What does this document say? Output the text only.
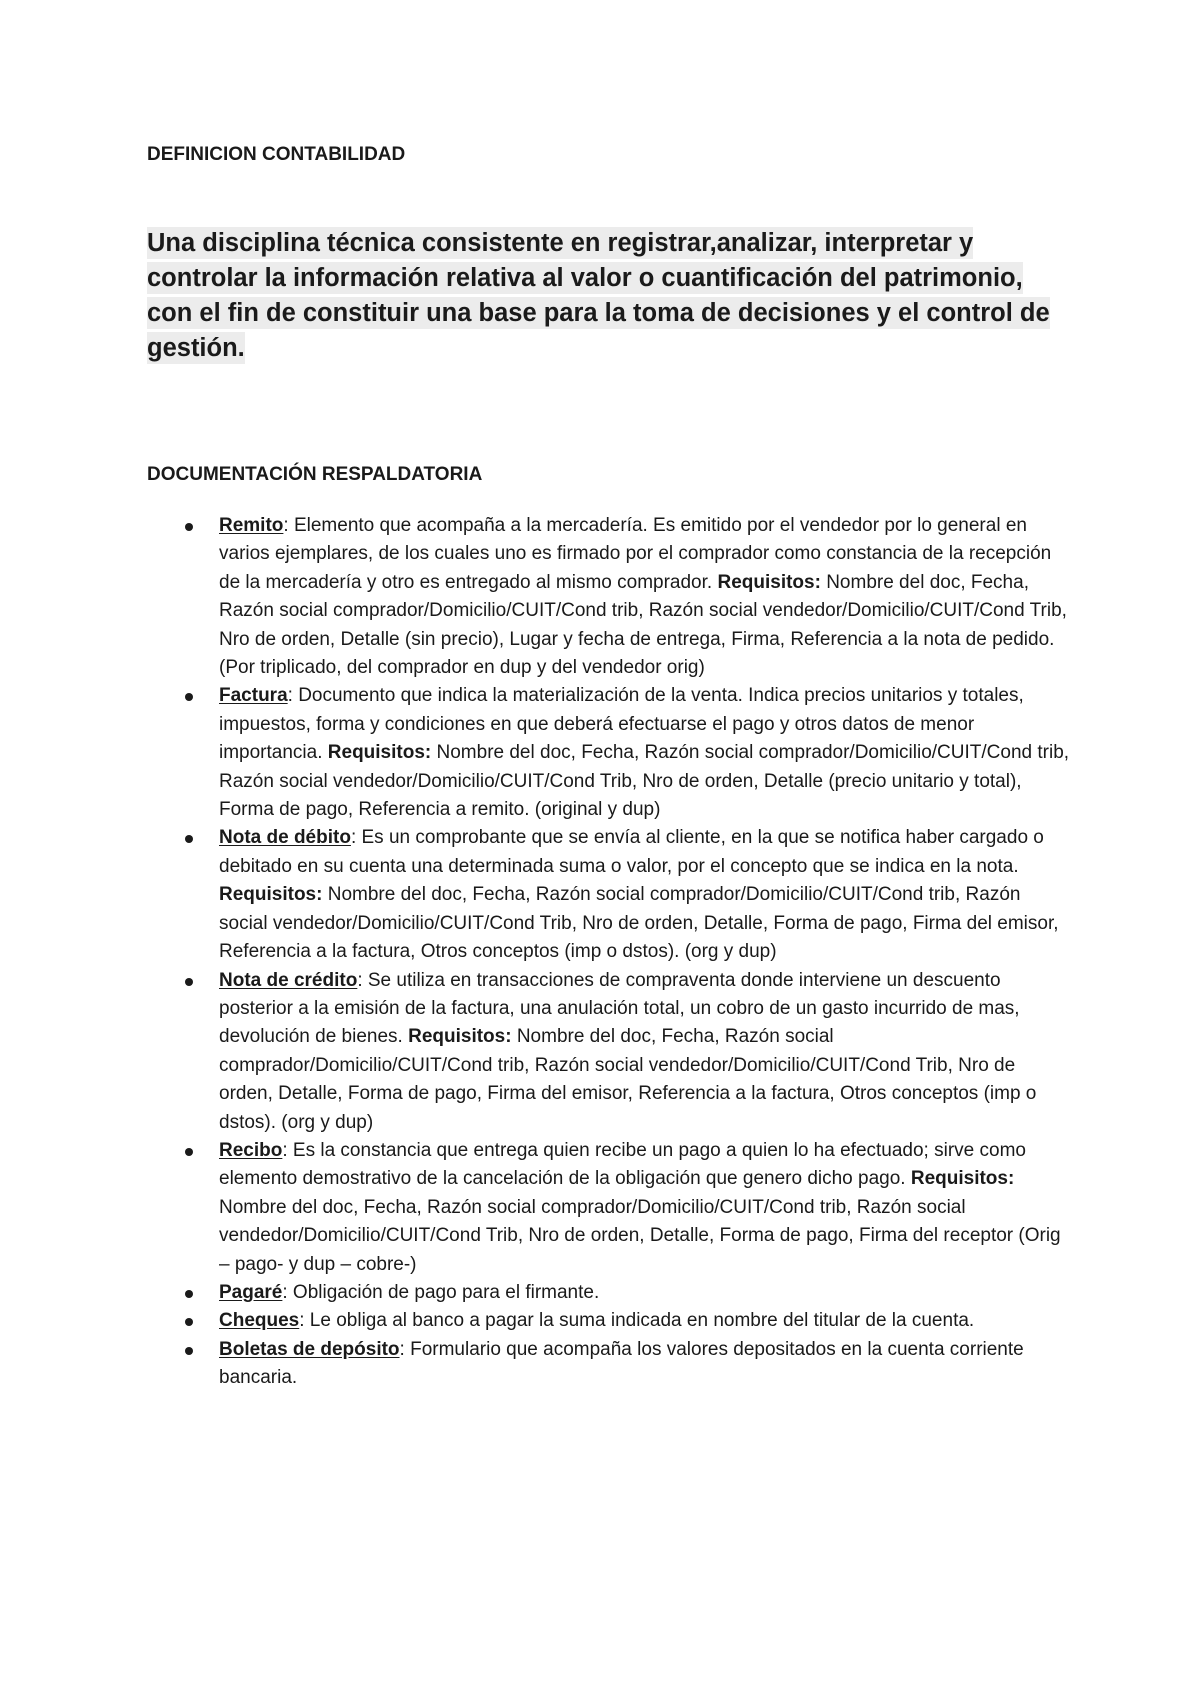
DEFINICION CONTABILIDAD

Una disciplina técnica consistente en registrar,analizar, interpretar y controlar la información relativa al valor o cuantificación del patrimonio, con el fin de constituir una base para la toma de decisiones y el control de gestión.

DOCUMENTACIÓN RESPALDATORIA
Remito: Elemento que acompaña a la mercadería. Es emitido por el vendedor por lo general en varios ejemplares, de los cuales uno es firmado por el comprador como constancia de la recepción de la mercadería y otro es entregado al mismo comprador. Requisitos: Nombre del doc, Fecha, Razón social comprador/Domicilio/CUIT/Cond trib, Razón social vendedor/Domicilio/CUIT/Cond Trib, Nro de orden, Detalle (sin precio), Lugar y fecha de entrega, Firma, Referencia a la nota de pedido. (Por triplicado, del comprador en dup y del vendedor orig)
Factura: Documento que indica la materialización de la venta. Indica precios unitarios y totales, impuestos, forma y condiciones en que deberá efectuarse el pago y otros datos de menor importancia. Requisitos: Nombre del doc, Fecha, Razón social comprador/Domicilio/CUIT/Cond trib, Razón social vendedor/Domicilio/CUIT/Cond Trib, Nro de orden, Detalle (precio unitario y total), Forma de pago, Referencia a remito. (original y dup)
Nota de débito: Es un comprobante que se envía al cliente, en la que se notifica haber cargado o debitado en su cuenta una determinada suma o valor, por el concepto que se indica en la nota. Requisitos: Nombre del doc, Fecha, Razón social comprador/Domicilio/CUIT/Cond trib, Razón social vendedor/Domicilio/CUIT/Cond Trib, Nro de orden, Detalle, Forma de pago, Firma del emisor, Referencia a la factura, Otros conceptos (imp o dstos). (org y dup)
Nota de crédito: Se utiliza en transacciones de compraventa donde interviene un descuento posterior a la emisión de la factura, una anulación total, un cobro de un gasto incurrido de mas, devolución de bienes. Requisitos: Nombre del doc, Fecha, Razón social comprador/Domicilio/CUIT/Cond trib, Razón social vendedor/Domicilio/CUIT/Cond Trib, Nro de orden, Detalle, Forma de pago, Firma del emisor, Referencia a la factura, Otros conceptos (imp o dstos). (org y dup)
Recibo: Es la constancia que entrega quien recibe un pago a quien lo ha efectuado; sirve como elemento demostrativo de la cancelación de la obligación que genero dicho pago. Requisitos: Nombre del doc, Fecha, Razón social comprador/Domicilio/CUIT/Cond trib, Razón social vendedor/Domicilio/CUIT/Cond Trib, Nro de orden, Detalle, Forma de pago, Firma del receptor (Orig – pago- y dup – cobre-)
Pagaré: Obligación de pago para el firmante.
Cheques: Le obliga al banco a pagar la suma indicada en nombre del titular de la cuenta.
Boletas de depósito: Formulario que acompaña los valores depositados en la cuenta corriente bancaria.
